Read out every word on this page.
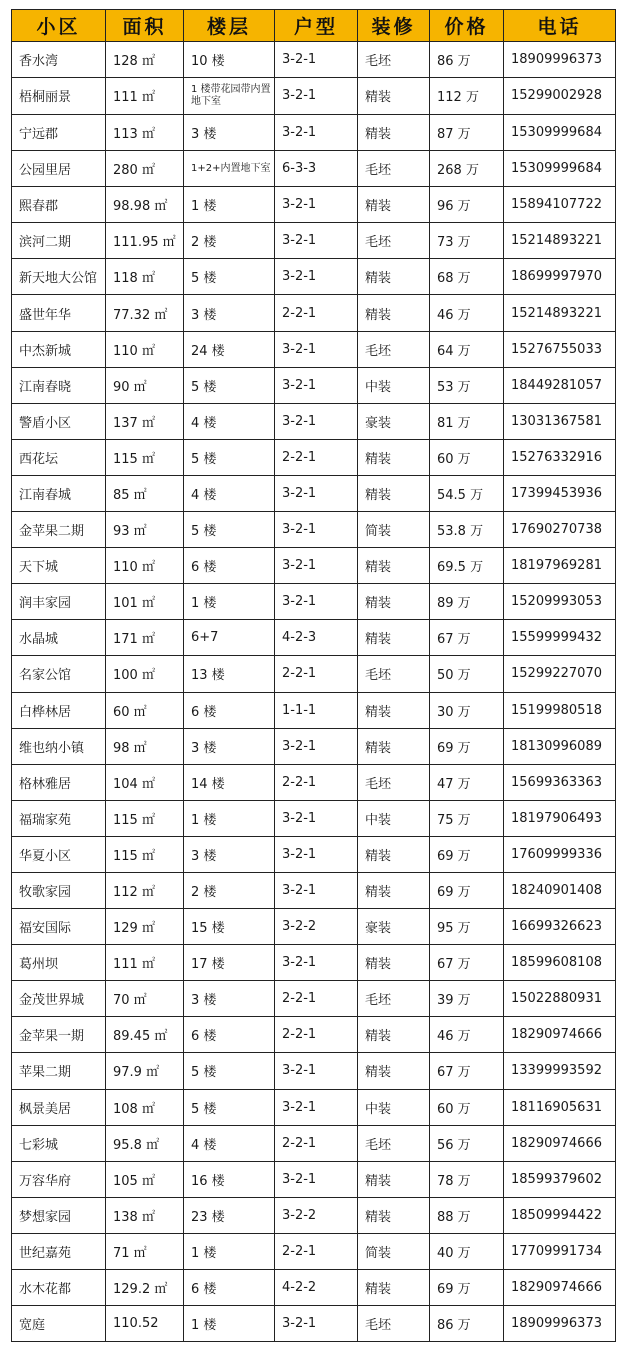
小区	面积	楼层	户型	装修	价格	电话
香水湾	128 ㎡	10 楼	3-2-1	毛坯	86 万	18909996373
梧桐丽景	111 ㎡	1 楼带花园带内置地下室	3-2-1	精装	112 万	15299002928
宁远郡	113 ㎡	3 楼	3-2-1	精装	87 万	15309999684
公园里居	280 ㎡	1+2+内置地下室	6-3-3	毛坯	268 万	15309999684
熙春郡	98.98 ㎡	1 楼	3-2-1	精装	96 万	15894107722
滨河二期	111.95 ㎡	2 楼	3-2-1	毛坯	73 万	15214893221
新天地大公馆	118 ㎡	5 楼	3-2-1	精装	68 万	18699997970
盛世年华	77.32 ㎡	3 楼	2-2-1	精装	46 万	15214893221
中杰新城	110 ㎡	24 楼	3-2-1	毛坯	64 万	15276755033
江南春晓	90 ㎡	5 楼	3-2-1	中装	53 万	18449281057
警盾小区	137 ㎡	4 楼	3-2-1	豪装	81 万	13031367581
西花坛	115 ㎡	5 楼	2-2-1	精装	60 万	15276332916
江南春城	85 ㎡	4 楼	3-2-1	精装	54.5 万	17399453936
金苹果二期	93 ㎡	5 楼	3-2-1	简装	53.8 万	17690270738
天下城	110 ㎡	6 楼	3-2-1	精装	69.5 万	18197969281
润丰家园	101 ㎡	1 楼	3-2-1	精装	89 万	15209993053
水晶城	171 ㎡	6+7	4-2-3	精装	67 万	15599999432
名家公馆	100 ㎡	13 楼	2-2-1	毛坯	50 万	15299227070
白桦林居	60 ㎡	6 楼	1-1-1	精装	30 万	15199980518
维也纳小镇	98 ㎡	3 楼	3-2-1	精装	69 万	18130996089
格林雅居	104 ㎡	14 楼	2-2-1	毛坯	47 万	15699363363
福瑞家苑	115 ㎡	1 楼	3-2-1	中装	75 万	18197906493
华夏小区	115 ㎡	3 楼	3-2-1	精装	69 万	17609999336
牧歌家园	112 ㎡	2 楼	3-2-1	精装	69 万	18240901408
福安国际	129 ㎡	15 楼	3-2-2	豪装	95 万	16699326623
葛州坝	111 ㎡	17 楼	3-2-1	精装	67 万	18599608108
金茂世界城	70 ㎡	3 楼	2-2-1	毛坯	39 万	15022880931
金苹果一期	89.45 ㎡	6 楼	2-2-1	精装	46 万	18290974666
苹果二期	97.9 ㎡	5 楼	3-2-1	精装	67 万	13399993592
枫景美居	108 ㎡	5 楼	3-2-1	中装	60 万	18116905631
七彩城	95.8 ㎡	4 楼	2-2-1	毛坯	56 万	18290974666
万容华府	105 ㎡	16 楼	3-2-1	精装	78 万	18599379602
梦想家园	138 ㎡	23 楼	3-2-2	精装	88 万	18509994422
世纪嘉苑	71 ㎡	1 楼	2-2-1	简装	40 万	17709991734
水木花都	129.2 ㎡	6 楼	4-2-2	精装	69 万	18290974666
宽庭	110.52	1 楼	3-2-1	毛坯	86 万	18909996373
